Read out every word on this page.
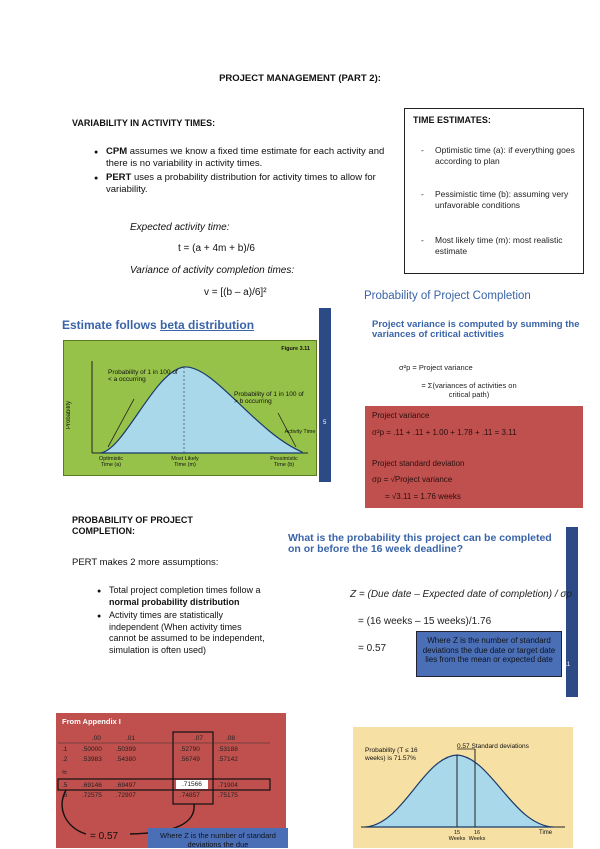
PROJECT MANAGEMENT (PART 2):
VARIABILITY IN ACTIVITY TIMES:
● CPM assumes we know a fixed time estimate for each activity and there is no variability in activity times.
● PERT uses a probability distribution for activity times to allow for variability.
Expected activity time:
t = (a + 4m + b)/6
Variance of activity completion times:
v = [(b – a)/6]²
TIME ESTIMATES:
- Optimistic time (a): if everything goes according to plan
- Pessimistic time (b): assuming very unfavorable conditions
- Most likely time (m): most realistic estimate
Estimate follows beta distribution
Figure 3.11
Probability
Probability of 1 in 100 of < a occurring
Probability of 1 in 100 of > b occurring
Activity Time
Optimistic Time (a)
Most Likely Time (m)
Pessimistic Time (b)
5
Probability of Project Completion
Project variance is computed by summing the variances of critical activities
σ²p = Project variance
= Σ(variances of activities on critical path)
Project variance
σ²p = .11 + .11 + 1.00 + 1.78 + .11 = 3.11
Project standard deviation
σp = √Project variance
= √3.11 = 1.76 weeks
PROBABILITY OF PROJECT COMPLETION:
PERT makes 2 more assumptions:
● Total project completion times follow a normal probability distribution
● Activity times are statistically independent (When activity times cannot be assumed to be independent, simulation is often used)
What is the probability this project can be completed on or before the 16 week deadline?
Z = (Due date – Expected date of completion) / σp
= (16 weeks – 15 weeks)/1.76
= 0.57
Where Z is the number of standard deviations the due date or target date lies from the mean or expected date
11
From Appendix I
.00	.01	.07	.08
.1 .50000 .50399	.52790	.53188
.2 .53983 .54380	.56749	.57142
≈
.5 .69146 .69497	.71566	.71904
.6 .72575 .72907	.74857	.75175
= 0.57	Where Z is the number of standard deviations the due
0.57 Standard deviations
Probability (T ≤ 16 weeks) is 71.57%
15 Weeks
16 Weeks
Time
